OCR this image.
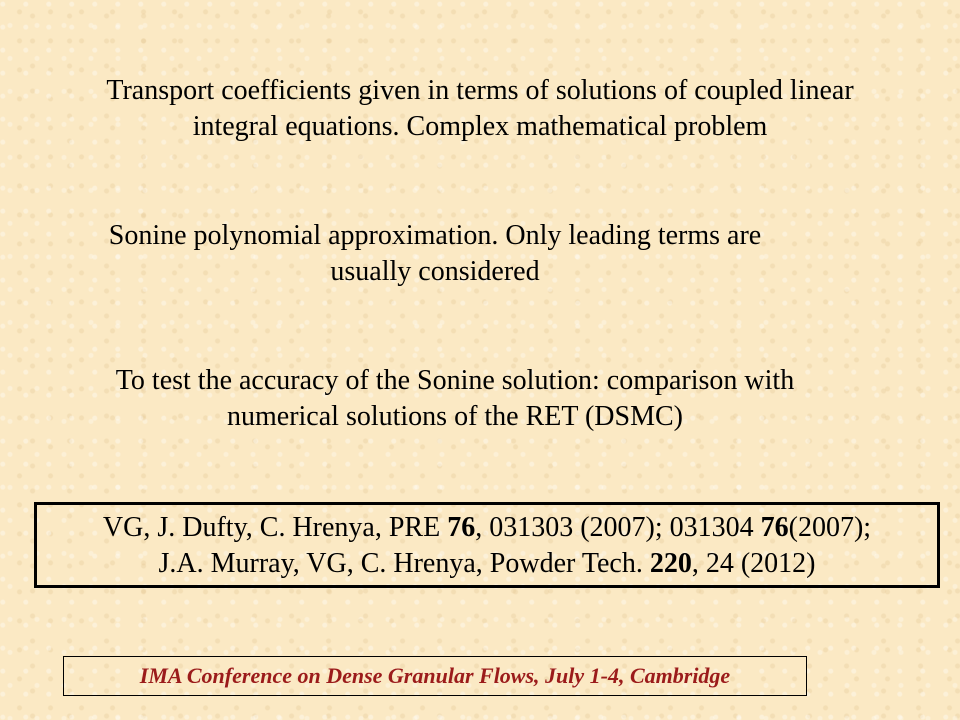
Transport coefficients given in terms of solutions of coupled linear
integral equations. Complex mathematical problem
Sonine polynomial approximation. Only leading terms are
usually considered
To test the accuracy of the Sonine solution: comparison with
numerical solutions of the RET (DSMC)
VG, J. Dufty, C. Hrenya, PRE 76, 031303 (2007); 031304 76(2007);
J.A. Murray, VG, C. Hrenya, Powder Tech. 220, 24 (2012)
IMA Conference on Dense Granular Flows, July 1-4, Cambridge
